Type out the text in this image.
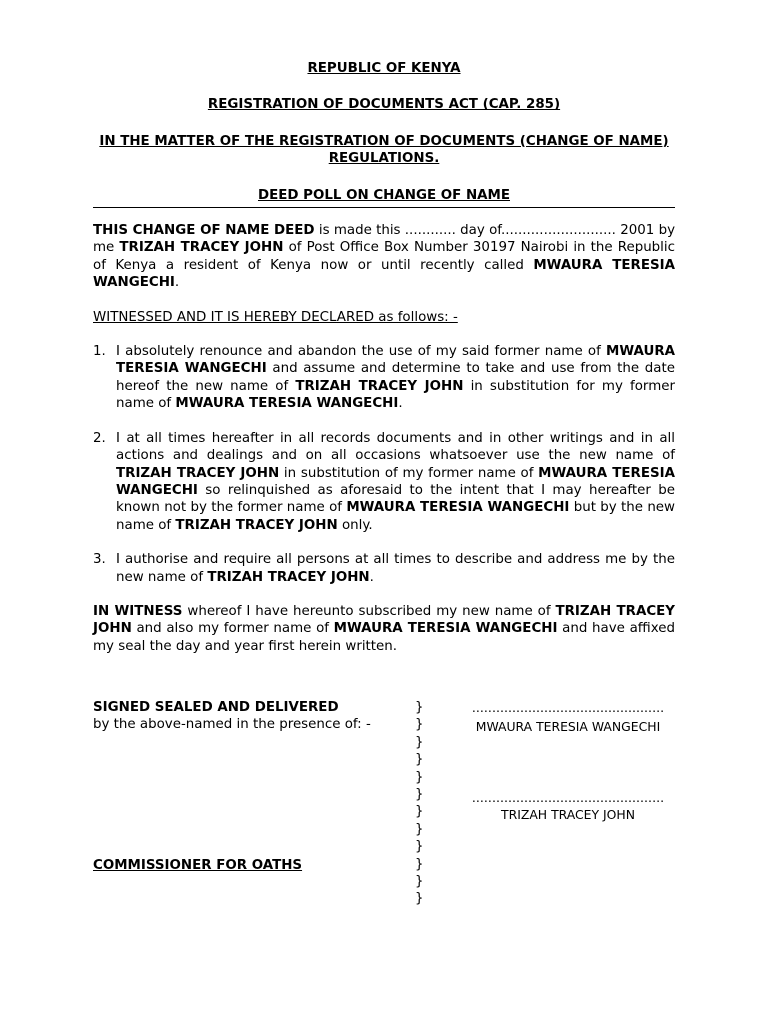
REPUBLIC OF KENYA

REGISTRATION OF DOCUMENTS ACT (CAP. 285)

IN THE MATTER OF THE REGISTRATION OF DOCUMENTS (CHANGE OF NAME) REGULATIONS.

DEED POLL ON CHANGE OF NAME

THIS CHANGE OF NAME DEED is made this ............ day of........................... 2001 by me TRIZAH TRACEY JOHN of Post Office Box Number 30197 Nairobi in the Republic of Kenya a resident of Kenya now or until recently called MWAURA TERESIA WANGECHI.

WITNESSED AND IT IS HEREBY DECLARED as follows: -

1. I absolutely renounce and abandon the use of my said former name of MWAURA TERESIA WANGECHI and assume and determine to take and use from the date hereof the new name of TRIZAH TRACEY JOHN in substitution for my former name of MWAURA TERESIA WANGECHI.
2. I at all times hereafter in all records documents and in other writings and in all actions and dealings and on all occasions whatsoever use the new name of TRIZAH TRACEY JOHN in substitution of my former name of MWAURA TERESIA WANGECHI so relinquished as aforesaid to the intent that I may hereafter be known not by the former name of MWAURA TERESIA WANGECHI but by the new name of TRIZAH TRACEY JOHN only.
3. I authorise and require all persons at all times to describe and address me by the new name of TRIZAH TRACEY JOHN.

IN WITNESS whereof I have hereunto subscribed my new name of TRIZAH TRACEY JOHN and also my former name of MWAURA TERESIA WANGECHI and have affixed my seal the day and year first herein written.

SIGNED SEALED AND DELIVERED
by the above-named in the presence of: -
COMMISSIONER FOR OATHS
}
}
}
}
}
}
}
}
}
}
}
}
................................................
MWAURA TERESIA WANGECHI
................................................
TRIZAH TRACEY JOHN
